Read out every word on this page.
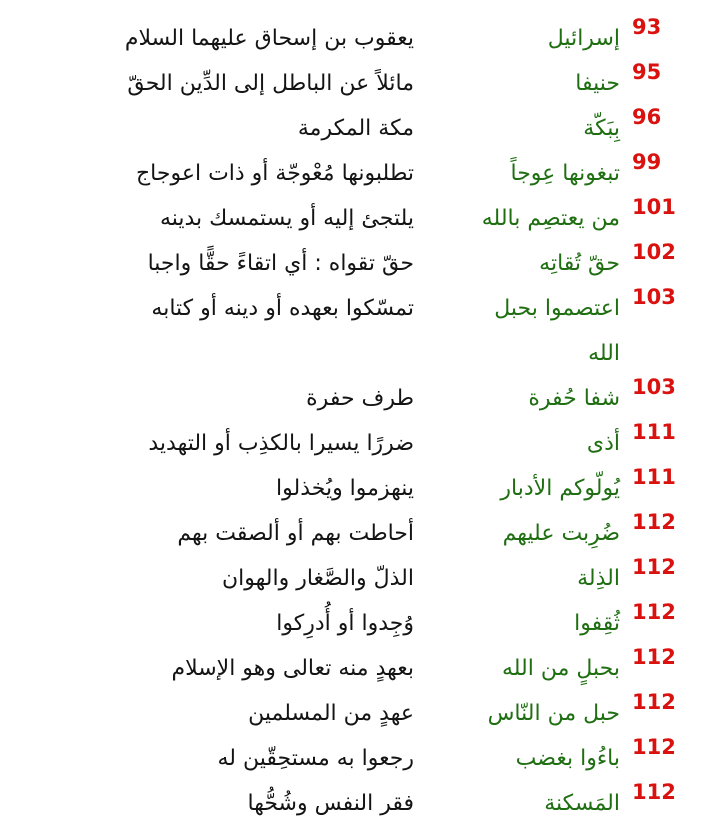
93
إسرائيل
يعقوب بن إسحاق عليهما السلام
95
حنيفا
مائلاً عن الباطل إلى الدِّين الحقّ
96
بِبَكّة
مكة المكرمة
99
تبغونها عِوجاً
تطلبونها مُعْوجّة أو ذات اعوجاج
101
من يعتصِم بالله
يلتجئ إليه أو يستمسك بدينه
102
حقّ تُقاتِه
حقّ تقواه : أي اتقاءً حقًّا واجبا
103
اعتصموا بحبل الله
تمسّكوا بعهده أو دينه أو كتابه
103
شفا حُفرة
طرف حفرة
111
أذى
ضررًا يسيرا بالكذِب أو التهديد
111
يُولّوكم الأدبار
ينهزموا ويُخذلوا
112
ضُرِبت عليهم
أحاطت بهم أو ألصقت بهم
112
الذِلة
الذلّ والصَّغار والهوان
112
ثُقِفوا
وُجِدوا أو أُدرِكوا
112
بحبلٍ من الله
بعهدٍ منه تعالى وهو الإسلام
112
حبل من النّاس
عهدٍ من المسلمين
112
باءُوا بغضب
رجعوا به مستحِقّين له
112
المَسكنة
فقر النفس وشُحُّها
